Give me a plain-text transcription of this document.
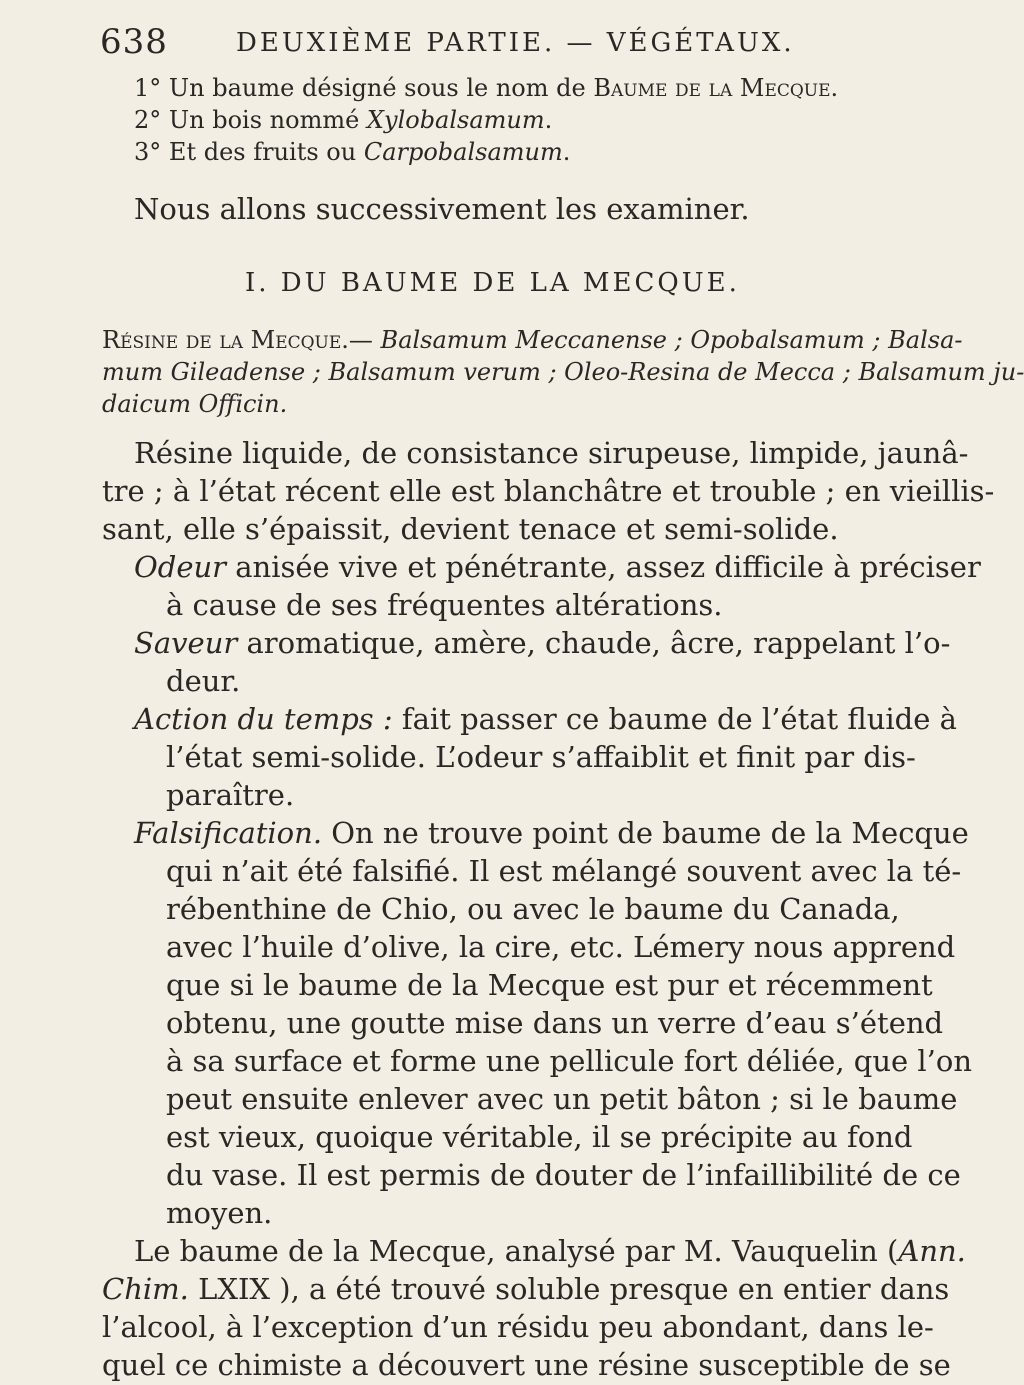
638	DEUXIÈME PARTIE. — VÉGÉTAUX.
1° Un baume désigné sous le nom de Baume de la Mecque.
2° Un bois nommé Xylobalsamum.
3° Et des fruits ou Carpobalsamum.
Nous allons successivement les examiner.
I. DU BAUME DE LA MECQUE.
Résine de la Mecque.— Balsamum Meccanense ; Opobalsamum ; Balsa-
mum Gileadense ; Balsamum verum ; Oleo-Resina de Mecca ; Balsamum ju-
daicum Officin.
Résine liquide, de consistance sirupeuse, limpide, jaunâ-
tre ; à l’état récent elle est blanchâtre et trouble ; en vieillis-
sant, elle s’épaissit, devient tenace et semi-solide.
Odeur anisée vive et pénétrante, assez difficile à préciser
à cause de ses fréquentes altérations.
Saveur aromatique, amère, chaude, âcre, rappelant l’o-
deur.
Action du temps : fait passer ce baume de l’état fluide à
l’état semi-solide. L’odeur s’affaiblit et finit par dis-
paraître.
Falsification. On ne trouve point de baume de la Mecque
qui n’ait été falsifié. Il est mélangé souvent avec la té-
rébenthine de Chio, ou avec le baume du Canada,
avec l’huile d’olive, la cire, etc. Lémery nous apprend
que si le baume de la Mecque est pur et récemment
obtenu, une goutte mise dans un verre d’eau s’étend
à sa surface et forme une pellicule fort déliée, que l’on
peut ensuite enlever avec un petit bâton ; si le baume
est vieux, quoique véritable, il se précipite au fond
du vase. Il est permis de douter de l’infaillibilité de ce
moyen.
Le baume de la Mecque, analysé par M. Vauquelin (Ann.
Chim. LXIX ), a été trouvé soluble presque en entier dans
l’alcool, à l’exception d’un résidu peu abondant, dans le-
quel ce chimiste a découvert une résine susceptible de se
